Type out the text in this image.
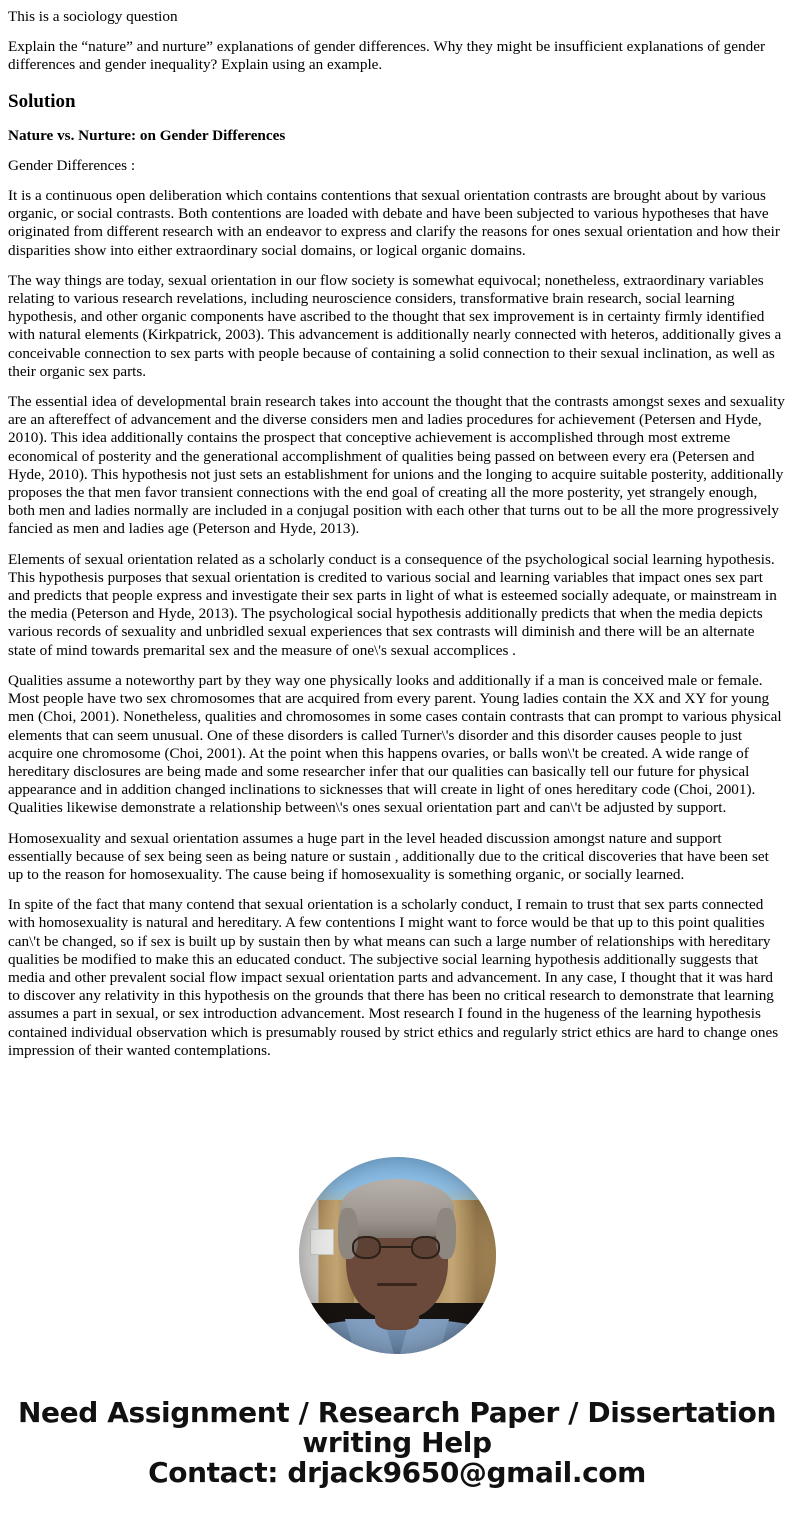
This is a sociology question

Explain the “nature” and nurture” explanations of gender differences. Why they might be insufficient explanations of gender differences and gender inequality? Explain using an example.

Solution

Nature vs. Nurture: on Gender Differences

Gender Differences :

It is a continuous open deliberation which contains contentions that sexual orientation contrasts are brought about by various organic, or social contrasts. Both contentions are loaded with debate and have been subjected to various hypotheses that have originated from different research with an endeavor to express and clarify the reasons for ones sexual orientation and how their disparities show into either extraordinary social domains, or logical organic domains.

The way things are today, sexual orientation in our flow society is somewhat equivocal; nonetheless, extraordinary variables relating to various research revelations, including neuroscience considers, transformative brain research, social learning hypothesis, and other organic components have ascribed to the thought that sex improvement is in certainty firmly identified with natural elements (Kirkpatrick, 2003). This advancement is additionally nearly connected with heteros, additionally gives a conceivable connection to sex parts with people because of containing a solid connection to their sexual inclination, as well as their organic sex parts.

The essential idea of developmental brain research takes into account the thought that the contrasts amongst sexes and sexuality are an aftereffect of advancement and the diverse considers men and ladies procedures for achievement (Petersen and Hyde, 2010). This idea additionally contains the prospect that conceptive achievement is accomplished through most extreme economical of posterity and the generational accomplishment of qualities being passed on between every era (Petersen and Hyde, 2010). This hypothesis not just sets an establishment for unions and the longing to acquire suitable posterity, additionally proposes the that men favor transient connections with the end goal of creating all the more posterity, yet strangely enough, both men and ladies normally are included in a conjugal position with each other that turns out to be all the more progressively fancied as men and ladies age (Peterson and Hyde, 2013).

Elements of sexual orientation related as a scholarly conduct is a consequence of the psychological social learning hypothesis. This hypothesis purposes that sexual orientation is credited to various social and learning variables that impact ones sex part and predicts that people express and investigate their sex parts in light of what is esteemed socially adequate, or mainstream in the media (Peterson and Hyde, 2013). The psychological social hypothesis additionally predicts that when the media depicts various records of sexuality and unbridled sexual experiences that sex contrasts will diminish and there will be an alternate state of mind towards premarital sex and the measure of one\'s sexual accomplices .

Qualities assume a noteworthy part by they way one physically looks and additionally if a man is conceived male or female. Most people have two sex chromosomes that are acquired from every parent. Young ladies contain the XX and XY for young men (Choi, 2001). Nonetheless, qualities and chromosomes in some cases contain contrasts that can prompt to various physical elements that can seem unusual. One of these disorders is called Turner\'s disorder and this disorder causes people to just acquire one chromosome (Choi, 2001). At the point when this happens ovaries, or balls won\'t be created. A wide range of hereditary disclosures are being made and some researcher infer that our qualities can basically tell our future for physical appearance and in addition changed inclinations to sicknesses that will create in light of ones hereditary code (Choi, 2001). Qualities likewise demonstrate a relationship between\'s ones sexual orientation part and can\'t be adjusted by support.

Homosexuality and sexual orientation assumes a huge part in the level headed discussion amongst nature and support essentially because of sex being seen as being nature or sustain , additionally due to the critical discoveries that have been set up to the reason for homosexuality. The cause being if homosexuality is something organic, or socially learned.

In spite of the fact that many contend that sexual orientation is a scholarly conduct, I remain to trust that sex parts connected with homosexuality is natural and hereditary. A few contentions I might want to force would be that up to this point qualities can\'t be changed, so if sex is built up by sustain then by what means can such a large number of relationships with hereditary qualities be modified to make this an educated conduct. The subjective social learning hypothesis additionally suggests that media and other prevalent social flow impact sexual orientation parts and advancement. In any case, I thought that it was hard to discover any relativity in this hypothesis on the grounds that there has been no critical research to demonstrate that learning assumes a part in sexual, or sex introduction advancement. Most research I found in the hugeness of the learning hypothesis contained individual observation which is presumably roused by strict ethics and regularly strict ethics are hard to change ones impression of their wanted contemplations.

Need Assignment / Research Paper / Dissertation
writing Help
Contact: drjack9650@gmail.com
